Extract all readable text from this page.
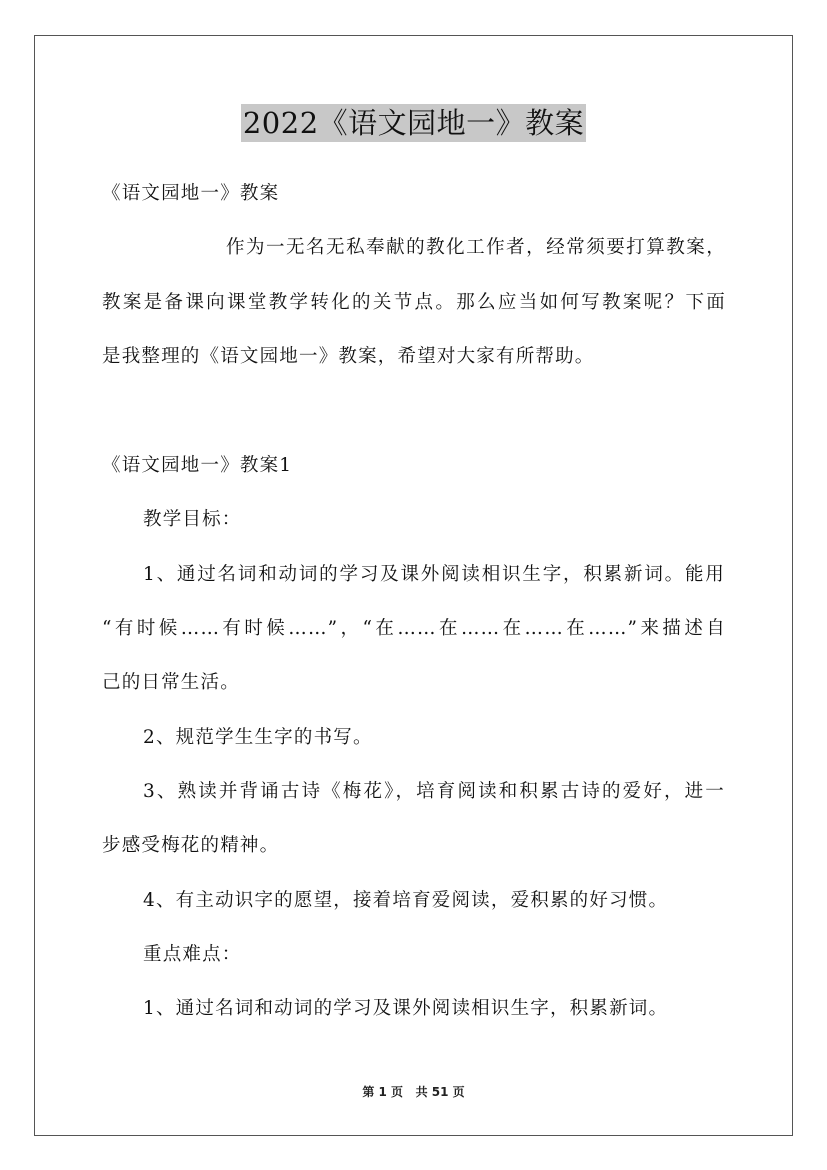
2022《语文园地一》教案
《语文园地一》教案
作为一无名无私奉献的教化工作者，经常须要打算教案，
教案是备课向课堂教学转化的关节点。那么应当如何写教案呢？下面
是我整理的《语文园地一》教案，希望对大家有所帮助。
《语文园地一》教案1
教学目标：
1、通过名词和动词的学习及课外阅读相识生字，积累新词。能用
“有时候……有时候……”，“在……在……在……在……”来描述自
己的日常生活。
2、规范学生生字的书写。
3、熟读并背诵古诗《梅花》，培育阅读和积累古诗的爱好，进一
步感受梅花的精神。
4、有主动识字的愿望，接着培育爱阅读，爱积累的好习惯。
重点难点：
1、通过名词和动词的学习及课外阅读相识生字，积累新词。
第 1 页   共 51 页
